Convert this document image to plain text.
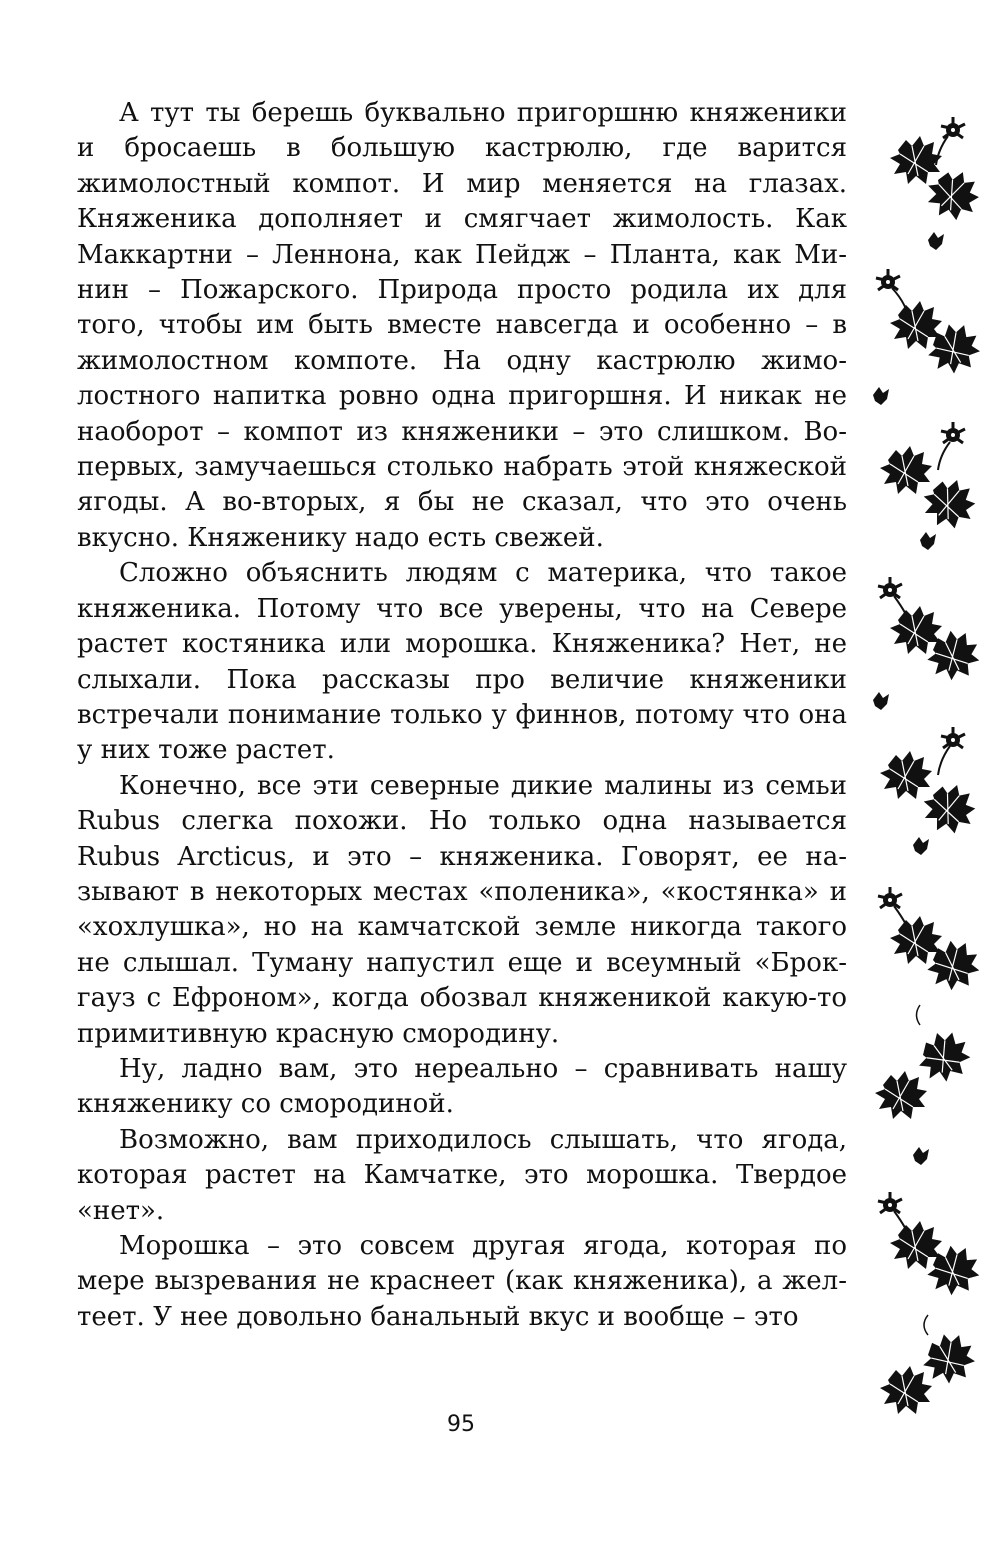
А тут ты берешь буквально пригоршню княженики и бросаешь в большую кастрюлю, где варится жимолостный компот. И мир меняется на глазах. Княженика дополняет и смягчает жимолость. Как Маккартни – Леннона, как Пейдж – Планта, как Минин – Пожарского. Природа просто родила их для того, чтобы им быть вместе навсегда и особенно – в жимолостном компоте. На одну кастрюлю жимолостного напитка ровно одна пригоршня. И никак не наоборот – компот из княженики – это слишком. Во-первых, замучаешься столько набрать этой княжеской ягоды. А во-вторых, я бы не сказал, что это очень вкусно. Княженику надо есть свежей.

Сложно объяснить людям с материка, что такое княженика. Потому что все уверены, что на Севере растет костяника или морошка. Княженика? Нет, не слыхали. Пока рассказы про величие княженики встречали понимание только у финнов, потому что она у них тоже растет.

Конечно, все эти северные дикие малины из семьи Rubus слегка похожи. Но только одна называется Rubus Arcticus, и это – княженика. Говорят, ее называют в некоторых местах «поленика», «костянка» и «хохлушка», но на камчатской земле никогда такого не слышал. Туману напустил еще и всеумный «Брокгауз с Ефроном», когда обозвал княженикой какую-то примитивную красную смородину.

Ну, ладно вам, это нереально – сравнивать нашу княженику со смородиной.

Возможно, вам приходилось слышать, что ягода, которая растет на Камчатке, это морошка. Твердое «нет».

Морошка – это совсем другая ягода, которая по мере вызревания не краснеет (как княженика), а желтеет. У нее довольно банальный вкус и вообще – это

95
